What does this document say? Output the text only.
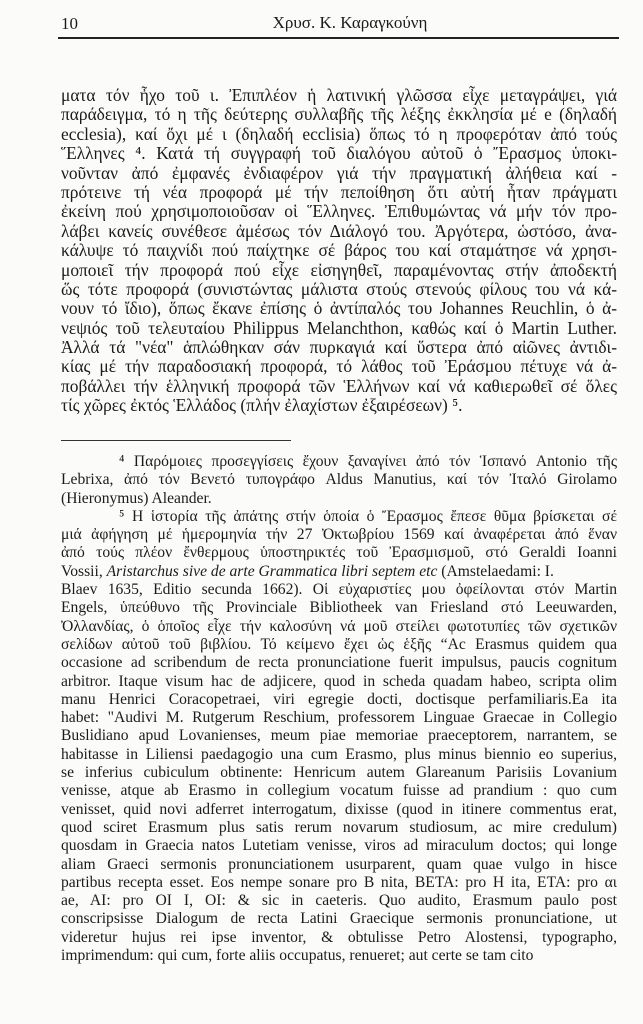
10	Χρυσ. Κ. Καραγκούνη
ματα τόν ἦχο τοῦ ι. Ἐπιπλέον ἡ λατινική γλῶσσα εἶχε μεταγράψει, γιά
παράδειγμα, τό η τῆς δεύτερης συλλαβῆς τῆς λέξης ἐκκλησία μέ e (δηλαδή
ecclesia), καί ὄχι μέ ι (δηλαδή ecclisia) ὅπως τό η προφερόταν ἀπό τούς
Ἕλληνες ⁴. Κατά τή συγγραφή τοῦ διαλόγου αὐτοῦ ὁ Ἔρασμος ὑποκι-
νοῦνταν ἀπό ἐμφανές ἐνδιαφέρον γιά τήν πραγματική ἀλήθεια καί -
πρότεινε τή νέα προφορά μέ τήν πεποίθηση ὅτι αὐτή ἦταν πράγματι
ἐκείνη πού χρησιμοποιοῦσαν οἱ Ἕλληνες. Ἐπιθυμώντας νά μήν τόν προ-
λάβει κανείς συνέθεσε ἀμέσως τόν Διάλογό του. Ἀργότερα, ὡστόσο, ἀνα-
κάλυψε τό παιχνίδι πού παίχτηκε σέ βάρος του καί σταμάτησε νά χρησι-
μοποιεῖ τήν προφορά πού εἶχε εἰσηγηθεῖ, παραμένοντας στήν ἀποδεκτή
ὥς τότε προφορά (συνιστώντας μάλιστα στούς στενούς φίλους του νά κά-
νουν τό ἴδιο), ὅπως ἔκανε ἐπίσης ὁ ἀντίπαλός του Johannes Reuchlin, ὁ ἀ-
νεψιός τοῦ τελευταίου Philippus Melanchthon, καθώς καί ὁ Martin Luther.
Ἀλλά τά "νέα" ἁπλώθηκαν σάν πυρκαγιά καί ὕστερα ἀπό αἰῶνες ἀντιδι-
κίας μέ τήν παραδοσιακή προφορά, τό λάθος τοῦ Ἐράσμου πέτυχε νά ἀ-
ποβάλλει τήν ἑλληνική προφορά τῶν Ἑλλήνων καί νά καθιερωθεῖ σέ ὅλες
τίς χῶρες ἐκτός Ἑλλάδος (πλήν ἐλαχίστων ἐξαιρέσεων) ⁵.
⁴ Παρόμοιες προσεγγίσεις ἔχουν ξαναγίνει ἀπό τόν Ἱσπανό Antonio τῆς
Lebrixa, ἀπό τόν Βενετό τυπογράφο Aldus Manutius, καί τόν Ἰταλό Girolamo
(Hieronymus) Aleander.
⁵ Η ἱστορία τῆς ἀπάτης στήν ὁποία ὁ Ἔρασμος ἔπεσε θῦμα βρίσκεται σέ
μιά ἀφήγηση μέ ἡμερομηνία τήν 27 Ὀκτωβρίου 1569 καί ἀναφέρεται ἀπό ἕναν
ἀπό τούς πλέον ἔνθερμους ὑποστηρικτές τοῦ Ἐρασμισμοῦ, στό Geraldi Ioanni
Vossii, Aristarchus sive de arte Grammatica libri septem etc (Amstelaedami: I.
Blaev 1635, Editio secunda 1662). Οἱ εὐχαριστίες μου ὀφείλονται στόν Martin
Engels, ὑπεύθυνο τῆς Provinciale Bibliotheek van Friesland στό Leeuwarden,
Ὀλλανδίας, ὁ ὁποῖος εἶχε τήν καλοσύνη νά μοῦ στείλει φωτοτυπίες τῶν σχετικῶν
σελίδων αὐτοῦ τοῦ βιβλίου. Τό κείμενο ἔχει ὡς ἑξῆς “Ac Erasmus quidem qua
occasione ad scribendum de recta pronunciatione fuerit impulsus, paucis cognitum
arbitror. Itaque visum hac de adjicere, quod in scheda quadam habeo, scripta olim
manu Henrici Coracopetraei, viri egregie docti, doctisque perfamiliaris.Ea ita
habet: "Audivi M. Rutgerum Reschium, professorem Linguae Graecae in Collegio
Buslidiano apud Lovanienses, meum piae memoriae praeceptorem, narrantem, se
habitasse in Liliensi paedagogio una cum Erasmo, plus minus biennio eo superius,
se inferius cubiculum obtinente: Henricum autem Glareanum Parisiis Lovanium
venisse, atque ab Erasmo in collegium vocatum fuisse ad prandium : quo cum
venisset, quid novi adferret interrogatum, dixisse (quod in itinere commentus erat,
quod sciret Erasmum plus satis rerum novarum studiosum, ac mire credulum)
quosdam in Graecia natos Lutetiam venisse, viros ad miraculum doctos; qui longe
aliam Graeci sermonis pronunciationem usurparent, quam quae vulgo in hisce
partibus recepta esset. Eos nempe sonare pro B nita, BETA: pro H ita, ETA: pro αι
ae, AI: pro OI I, OI: & sic in caeteris. Quo audito, Erasmum paulo post
conscripsisse Dialogum de recta Latini Graecique sermonis pronunciatione, ut
videretur hujus rei ipse inventor, & obtulisse Petro Alostensi, typographo,
imprimendum: qui cum, forte aliis occupatus, renueret; aut certe se tam cito
